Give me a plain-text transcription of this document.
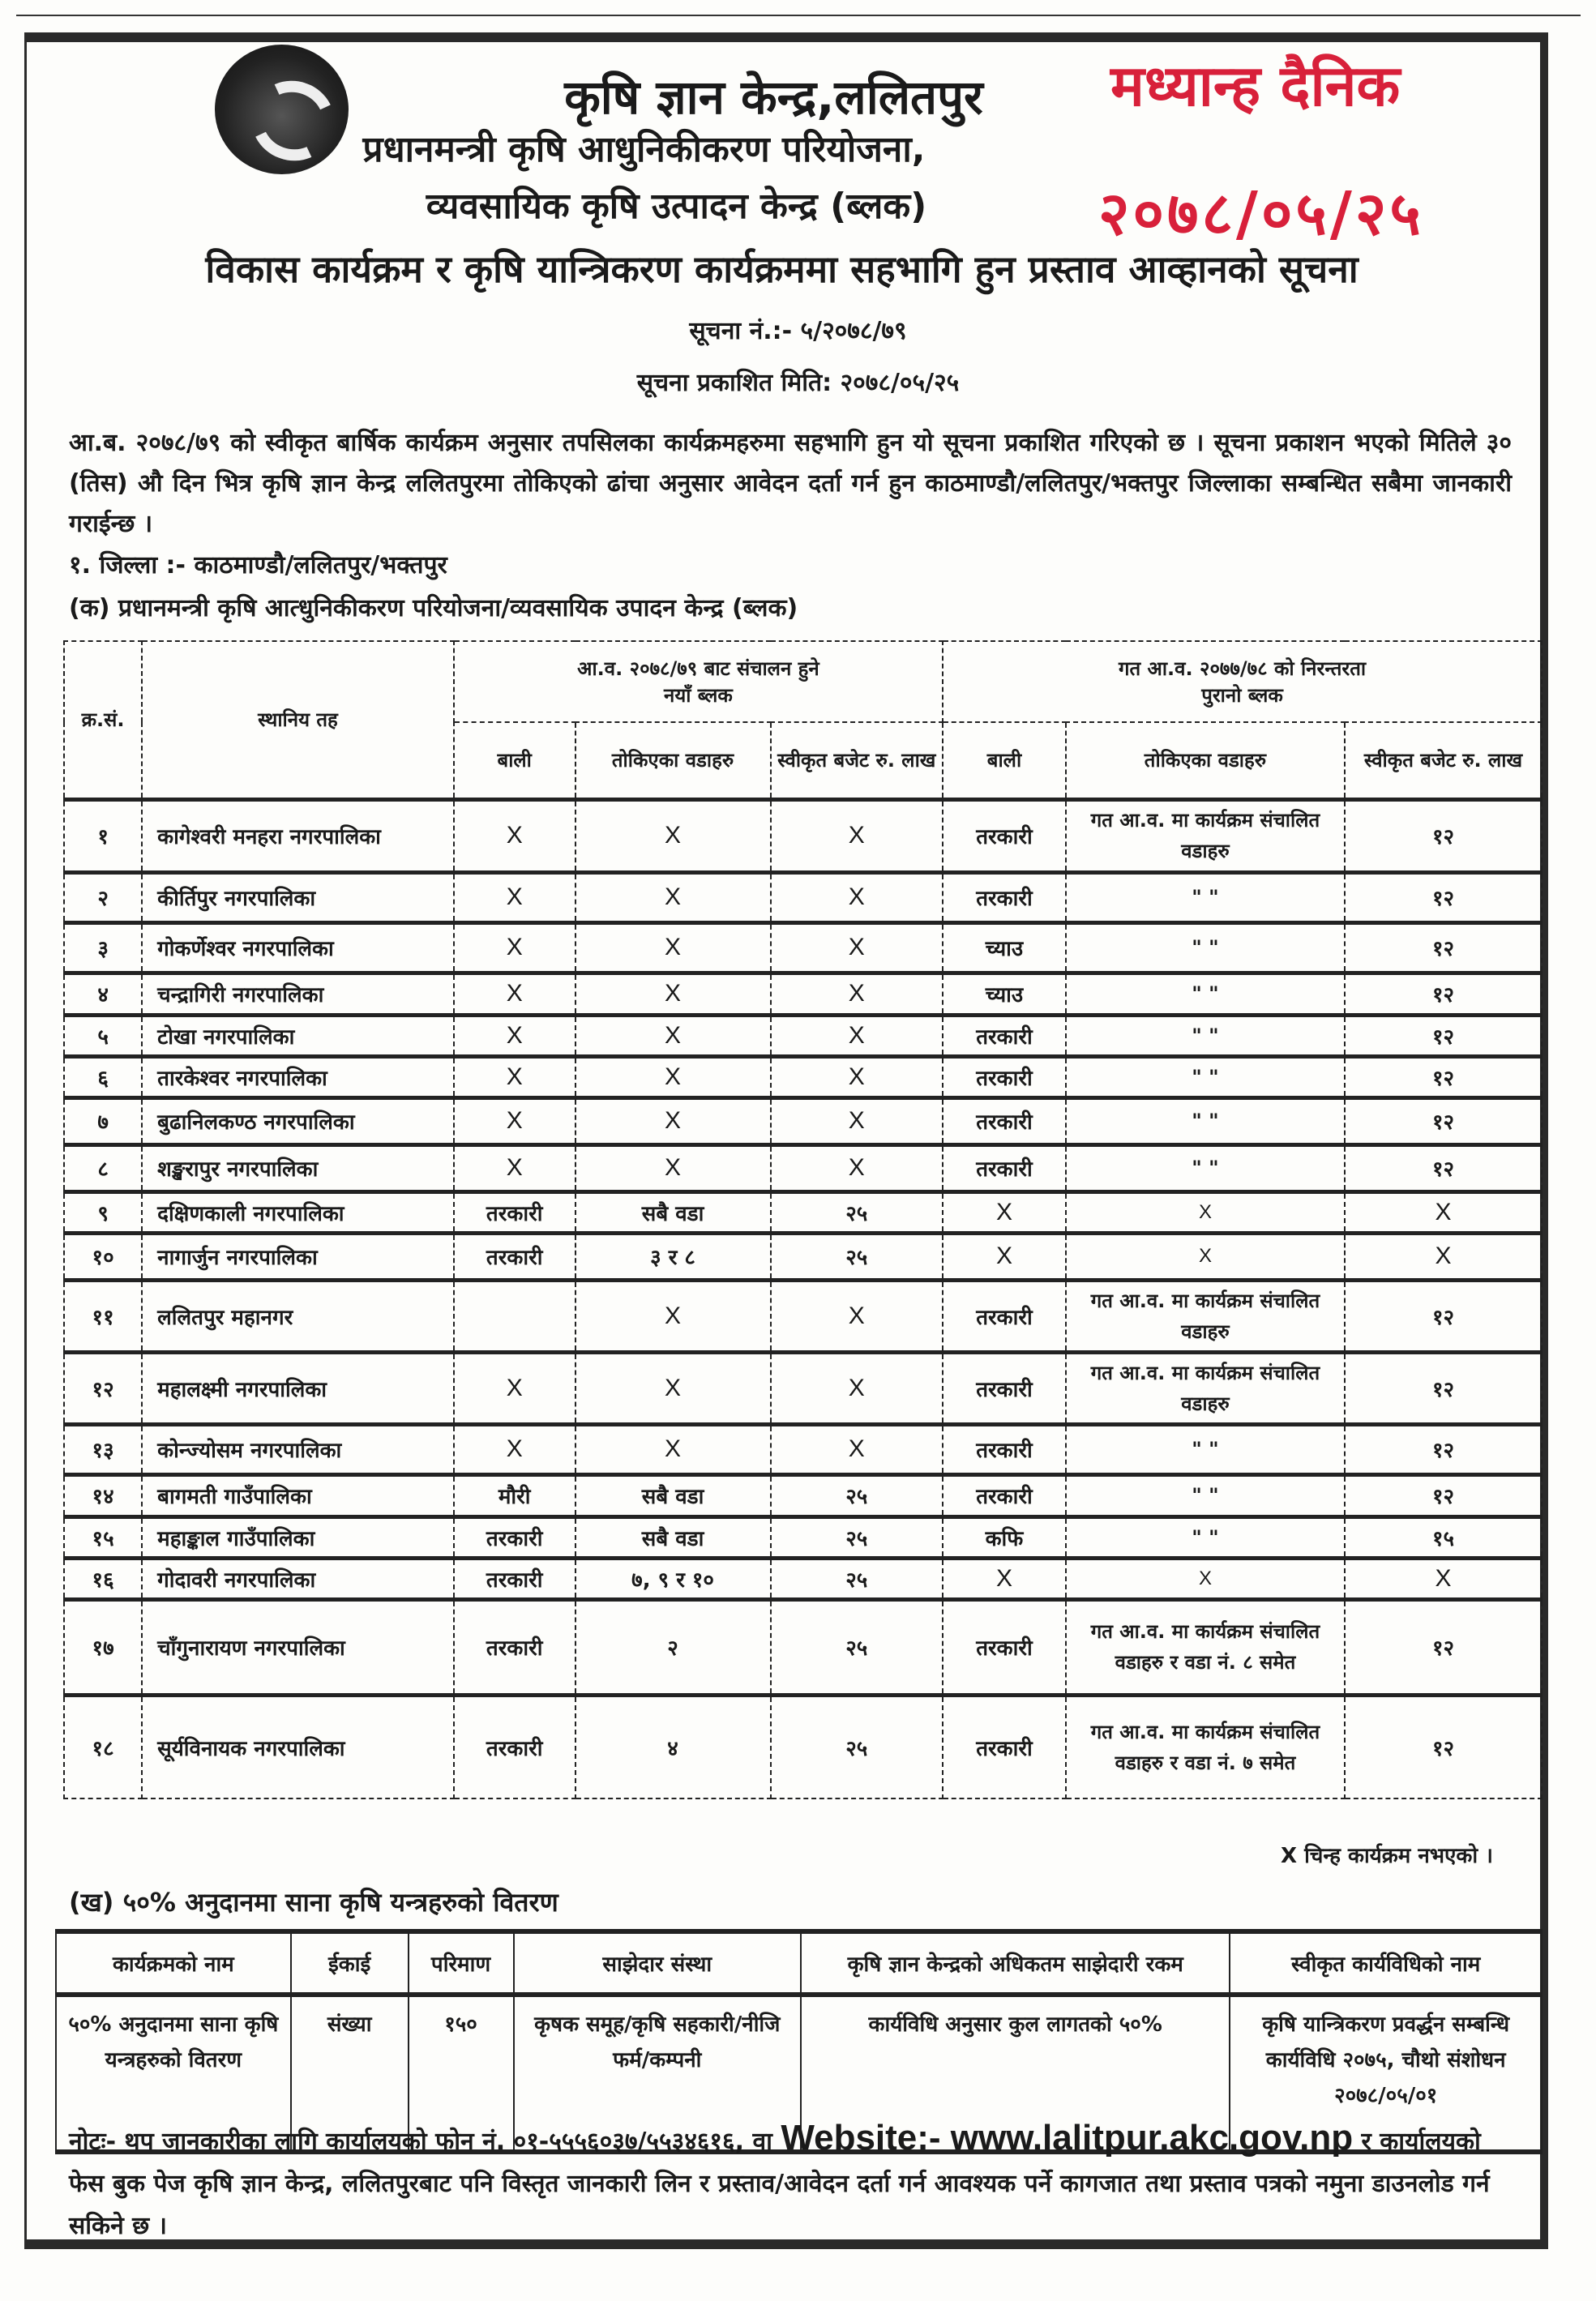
कृषि ज्ञान केन्द्र,ललितपुर
प्रधानमन्त्री कृषि आधुनिकीकरण परियोजना,
व्यवसायिक कृषि उत्पादन केन्द्र (ब्लक)
मध्यान्ह दैनिक
२०७८/०५/२५
विकास कार्यक्रम र कृषि यान्त्रिकरण कार्यक्रममा सहभागि हुन प्रस्ताव आव्हानको सूचना
सूचना नं.:- ५/२०७८/७९
सूचना प्रकाशित मिति: २०७८/०५/२५
आ.ब. २०७८/७९ को स्वीकृत बार्षिक कार्यक्रम अनुसार तपसिलका कार्यक्रमहरुमा सहभागि हुन यो सूचना प्रकाशित गरिएको छ । सूचना प्रकाशन भएको मितिले ३० (तिस) औ दिन भित्र कृषि ज्ञान केन्द्र ललितपुरमा तोकिएको ढांचा अनुसार आवेदन दर्ता गर्न हुन काठमाण्डौ/ललितपुर/भक्तपुर जिल्लाका सम्बन्धित सबैमा जानकारी गराईन्छ ।
१. जिल्ला :- काठमाण्डौ/ललितपुर/भक्तपुर
(क) प्रधानमन्त्री कृषि आत्धुनिकीकरण परियोजना/व्यवसायिक उपादन केन्द्र (ब्लक)
क्र.सं.	स्थानिय तह	
आ.व. २०७८/७९ बाट संचालन हुने
नयाँ ब्लक

गत आ.व. २०७७/७८ को निरन्तरता
पुरानो ब्लक

		बाली	तोकिएका वडाहरु	स्वीकृत बजेट रु. लाख	बाली	तोकिएका वडाहरु	स्वीकृत बजेट रु. लाख
१	कागेश्वरी मनहरा नगरपालिका	X	X	X	तरकारी	गत आ.व. मा कार्यक्रम संचालित वडाहरु	१२
२	कीर्तिपुर नगरपालिका	X	X	X	तरकारी	" "	१२
३	गोकर्णेश्वर नगरपालिका	X	X	X	च्याउ	" "	१२
४	चन्द्रागिरी नगरपालिका	X	X	X	च्याउ	" "	१२
५	टोखा नगरपालिका	X	X	X	तरकारी	" "	१२
६	तारकेश्वर नगरपालिका	X	X	X	तरकारी	" "	१२
७	बुढानिलकण्ठ नगरपालिका	X	X	X	तरकारी	" "	१२
८	शङ्खरापुर नगरपालिका	X	X	X	तरकारी	" "	१२
९	दक्षिणकाली नगरपालिका	तरकारी	सबै वडा	२५	X	X	X
१०	नागार्जुन नगरपालिका	तरकारी	३ र ८	२५	X	X	X
११	ललितपुर महानगर		X	X	तरकारी	गत आ.व. मा कार्यक्रम संचालित वडाहरु	१२
१२	महालक्ष्मी नगरपालिका	X	X	X	तरकारी	गत आ.व. मा कार्यक्रम संचालित वडाहरु	१२
१३	कोन्ज्योसम नगरपालिका	X	X	X	तरकारी	" "	१२
१४	बागमती गाउँपालिका	मौरी	सबै वडा	२५	तरकारी	" "	१२
१५	महाङ्काल गाउँपालिका	तरकारी	सबै वडा	२५	कफि	" "	१५
१६	गोदावरी नगरपालिका	तरकारी	७, ९ र १०	२५	X	X	X
१७	चाँगुनारायण नगरपालिका	तरकारी	२	२५	तरकारी	गत आ.व. मा कार्यक्रम संचालित वडाहरु र वडा नं. ८ समेत	१२
१८	सूर्यविनायक नगरपालिका	तरकारी	४	२५	तरकारी	गत आ.व. मा कार्यक्रम संचालित वडाहरु र वडा नं. ७ समेत	१२
X चिन्ह कार्यक्रम नभएको ।
(ख) ५०% अनुदानमा साना कृषि यन्त्रहरुको वितरण
कार्यक्रमको नाम	ईकाई	परिमाण	साझेदार संस्था	कृषि ज्ञान केन्द्रको अधिकतम साझेदारी रकम	स्वीकृत कार्यविधिको नाम
५०% अनुदानमा साना कृषि यन्त्रहरुको वितरण	संख्या	१५०	कृषक समूह/कृषि सहकारी/नीजि फर्म/कम्पनी	कार्यविधि अनुसार कुल लागतको ५०%	कृषि यान्त्रिकरण प्रवर्द्धन सम्बन्धि कार्यविधि २०७५, चौथो संशोधन २०७८/०५/०१
नोटः- थप जानकारीका लागि कार्यालयको फोन नं. ०१-५५५६०३७/५५३४६१६, वा Website:- www.lalitpur.akc.gov.np र कार्यालयको फेस बुक पेज कृषि ज्ञान केन्द्र, ललितपुरबाट पनि विस्तृत जानकारी लिन र प्रस्ताव/आवेदन दर्ता गर्न आवश्यक पर्ने कागजात तथा प्रस्ताव पत्रको नमुना डाउनलोड गर्न सकिने छ ।
